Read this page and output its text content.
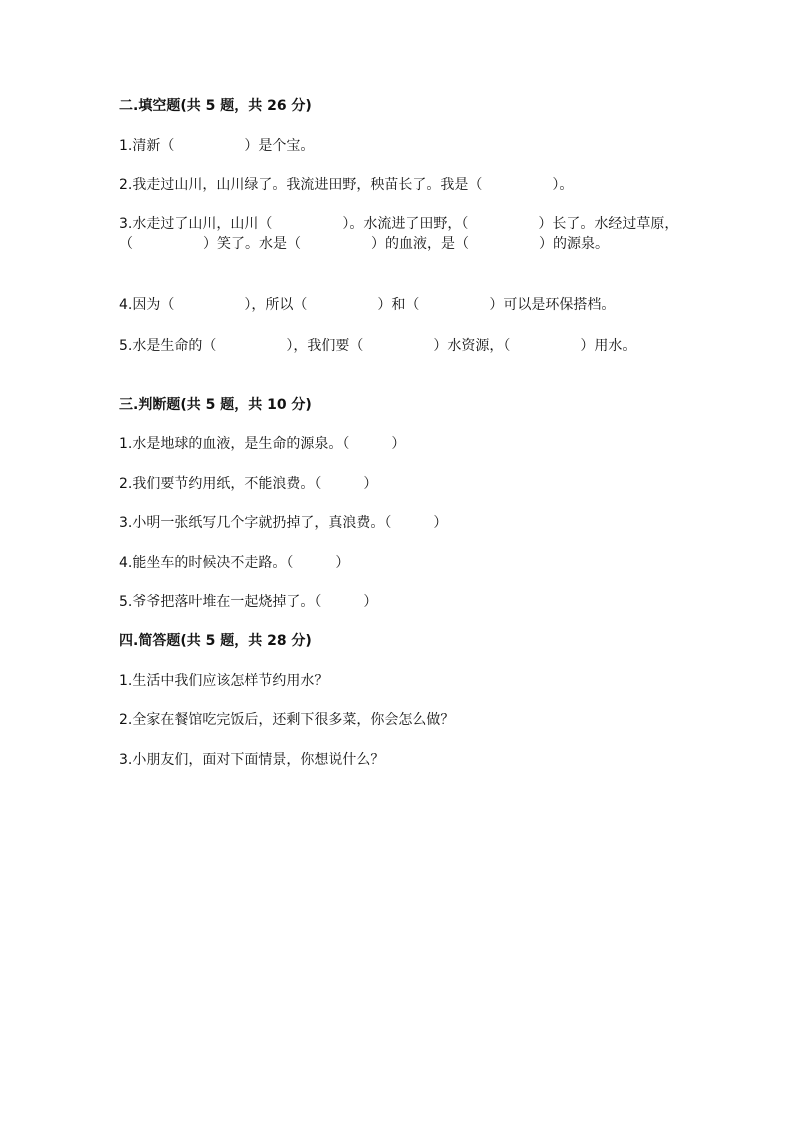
二.填空题(共 5 题，共 26 分)
1.清新（　　　　　）是个宝。
2.我走过山川，山川绿了。我流进田野，秧苗长了。我是（　　　　　）。
3.水走过了山川，山川（　　　　　）。水流进了田野，（　　　　　）长了。水经过草原，（　　　　　）笑了。水是（　　　　　）的血液，是（　　　　　）的源泉。
4.因为（　　　　　），所以（　　　　　）和（　　　　　）可以是环保搭档。
5.水是生命的（　　　　　），我们要（　　　　　）水资源，（　　　　　）用水。
三.判断题(共 5 题，共 10 分)
1.水是地球的血液，是生命的源泉。（　　　）
2.我们要节约用纸，不能浪费。（　　　）
3.小明一张纸写几个字就扔掉了，真浪费。（　　　）
4.能坐车的时候决不走路。（　　　）
5.爷爷把落叶堆在一起烧掉了。（　　　）
四.简答题(共 5 题，共 28 分)
1.生活中我们应该怎样节约用水？
2.全家在餐馆吃完饭后，还剩下很多菜，你会怎么做？
3.小朋友们，面对下面情景，你想说什么？
